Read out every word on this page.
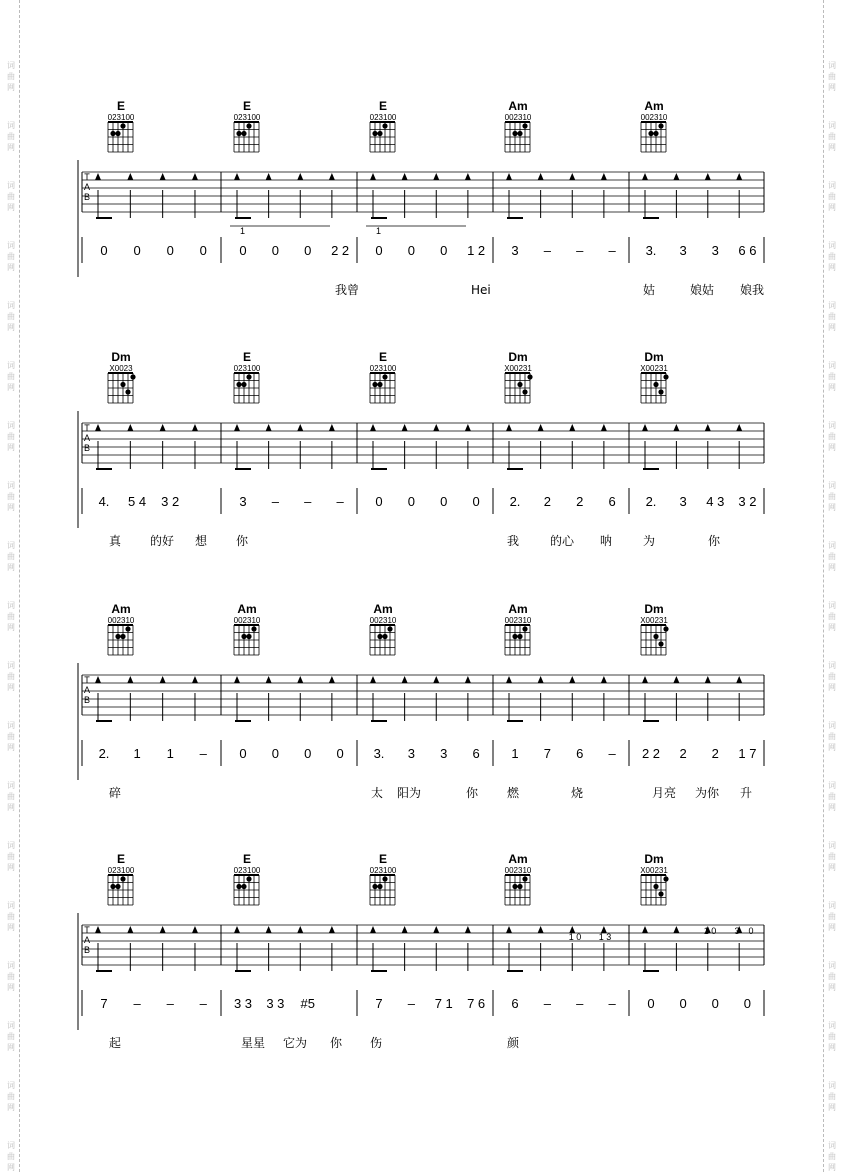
词
曲
网
词
曲
网
词
曲
网
词
曲
网
词
曲
网
词
曲
网
词
曲
网
词
曲
网
词
曲
网
词
曲
网
词
曲
网
词
曲
网
词
曲
网
词
曲
网
词
曲
网
词
曲
网
词
曲
网
词
曲
网
词
曲
网
词
曲
网
词
曲
网
词
曲
网
词
曲
网
词
曲
网
词
曲
网
词
曲
网
词
曲
网
词
曲
网
词
曲
网
词
曲
网
词
曲
网
词
曲
网
词
曲
网
词
曲
网
词
曲
网
词
曲
网
词
曲
网
词
曲
网
E
023100
E
023100
E
023100
Am
002310
Am
002310
T
A
B
0 0 0 0 0 0 0 2 2 0 0 0 1 2 3 – – – 3. 3 3 6 6
1	1
我曾	Hei	姑	娘姑 娘我
Dm
X0023
E
023100
E
023100
Dm
X00231
Dm
X00231
T
A
B
4. 5 4 3 2	3 – – – 0 0 0 0 2. 2 2 6 2. 3 4 3 3 2
真 的好 想 你	我	的心 呐	为	你
Am
002310
Am
002310
Am
002310
Am
002310
Dm
X00231
T
A
B
2. 1 1 – 0 0 0 0 3. 3 3 6 1 7 6 – 2 2 2 2 1 7
碎	太 阳为	你 燃	烧	月亮 为你 升
E
023100
E
023100
E
023100
Am
002310
Dm
X00231
T
A
B
7 – – – 3 3 3 3 #5	7 – 7 1 7 6 6 – – – 0 0 0 0
1 0 1 3
1 0 3 0
起	星星 它为 你 伤	颜
